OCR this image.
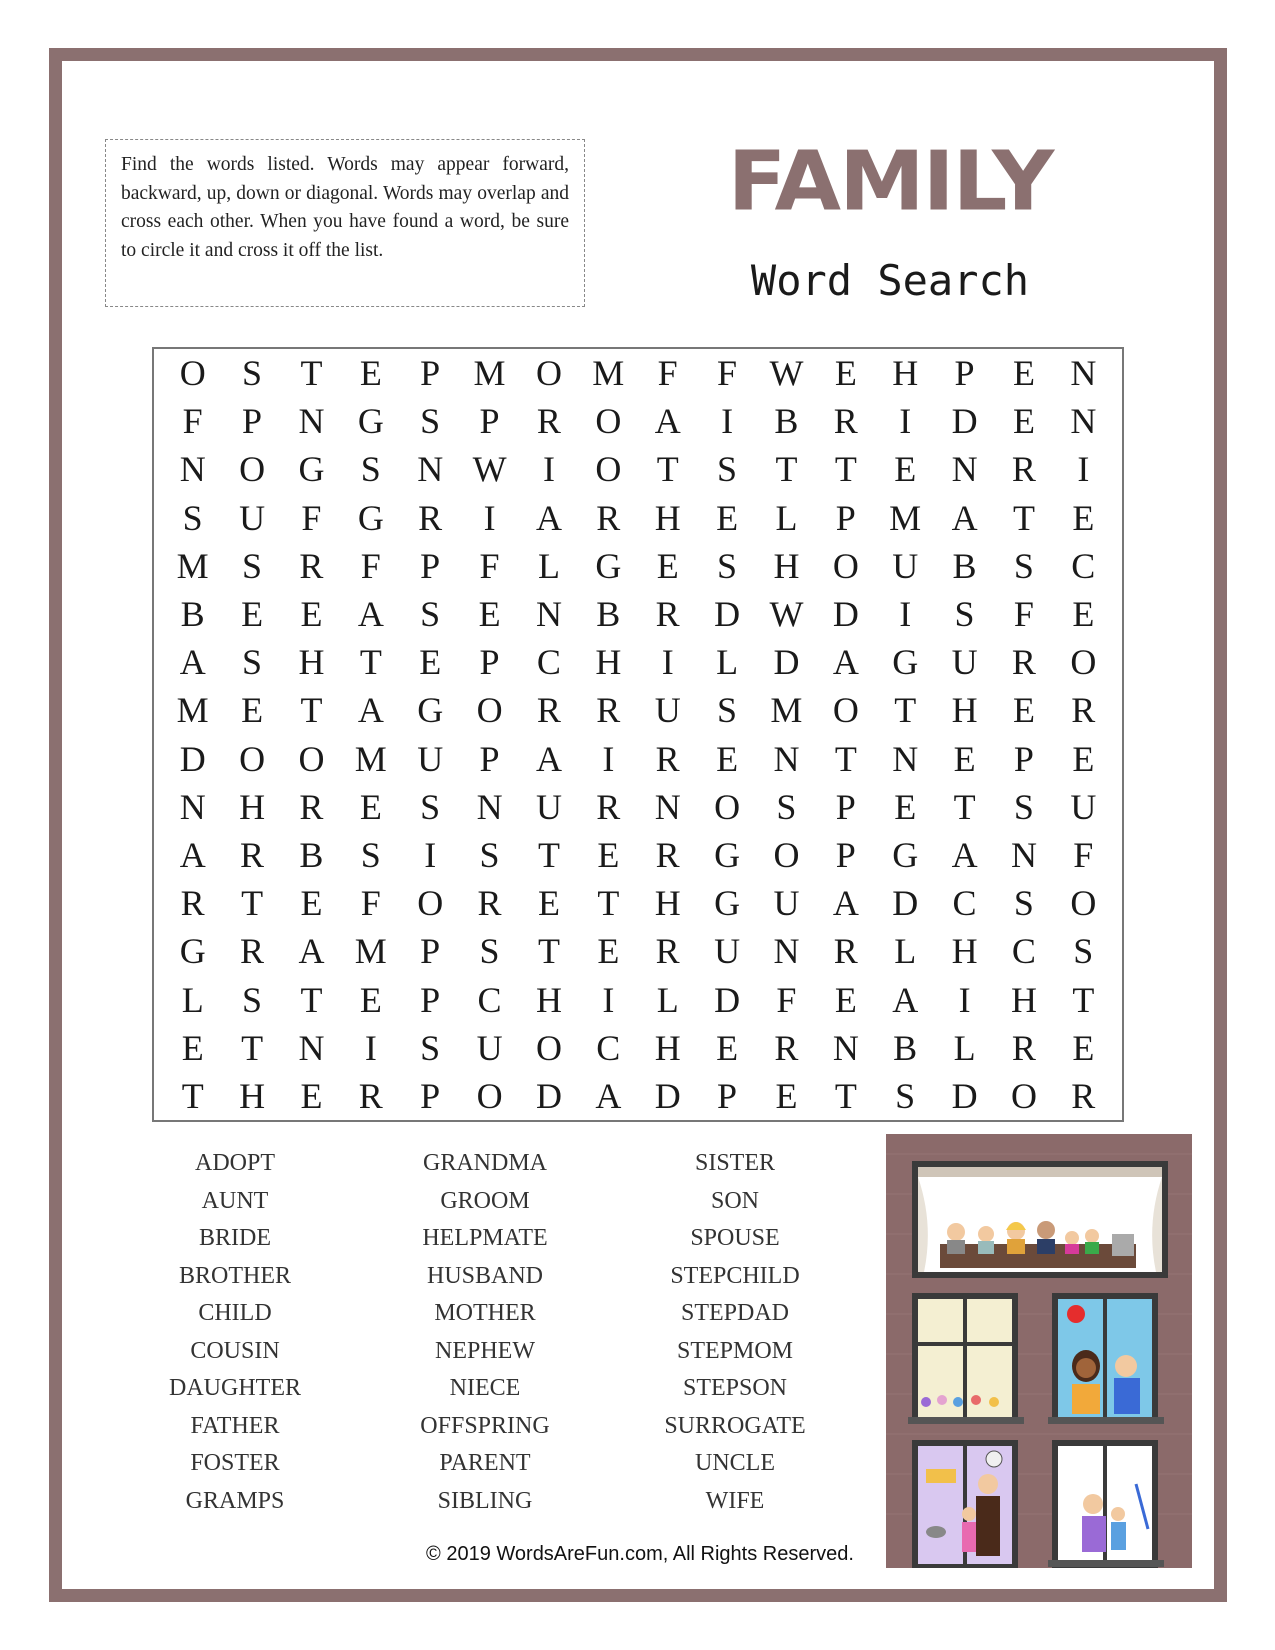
Find the words listed. Words may appear forward, backward, up, down or diagonal. Words may overlap and cross each other. When you have found a word, be sure to circle it and cross it off the list.
FAMILY
Word Search
O	S	T	E	P M O M F	F W E H	P	E N
F	P	N G	S	P	R O A	I	B R	I	D E N
N O G	S	N W	I	O T	S	T	T	E N R	I
S	U	F	G R	I	A R H E	L	P M A T	E
M S	R	F	P	F	L G E	S	H O U B	S	C
B	E	E A	S	E N B R D W D	I	S	F	E
A	S	H T	E	P	C H	I	L D A G U R O
M E	T A G O R R U	S M O T H E	R
D O O M U	P	A	I	R	E N T N E	P	E
N H R	E	S	N U R N O	S	P	E	T	S	U
A R B	S	I	S	T	E	R G O	P	G A N	F
R	T	E	F	O R	E	T H G U A D C	S	O
G R A M P	S	T	E	R U N R	L H C	S
L	S	T	E	P	C H	I	L D	F	E A	I	H T
E	T N	I	S	U O C H E	R N B	L	R	E
T H E	R	P	O D A D	P	E	T	S	D O R
ADOPT
AUNT
BRIDE
BROTHER
CHILD
COUSIN
DAUGHTER
FATHER
FOSTER
GRAMPS
GRANDMA
GROOM
HELPMATE
HUSBAND
MOTHER
NEPHEW
NIECE
OFFSPRING
PARENT
SIBLING
SISTER
SON
SPOUSE
STEPCHILD
STEPDAD
STEPMOM
STEPSON
SURROGATE
UNCLE
WIFE
© 2019 WordsAreFun.com, All Rights Reserved.
